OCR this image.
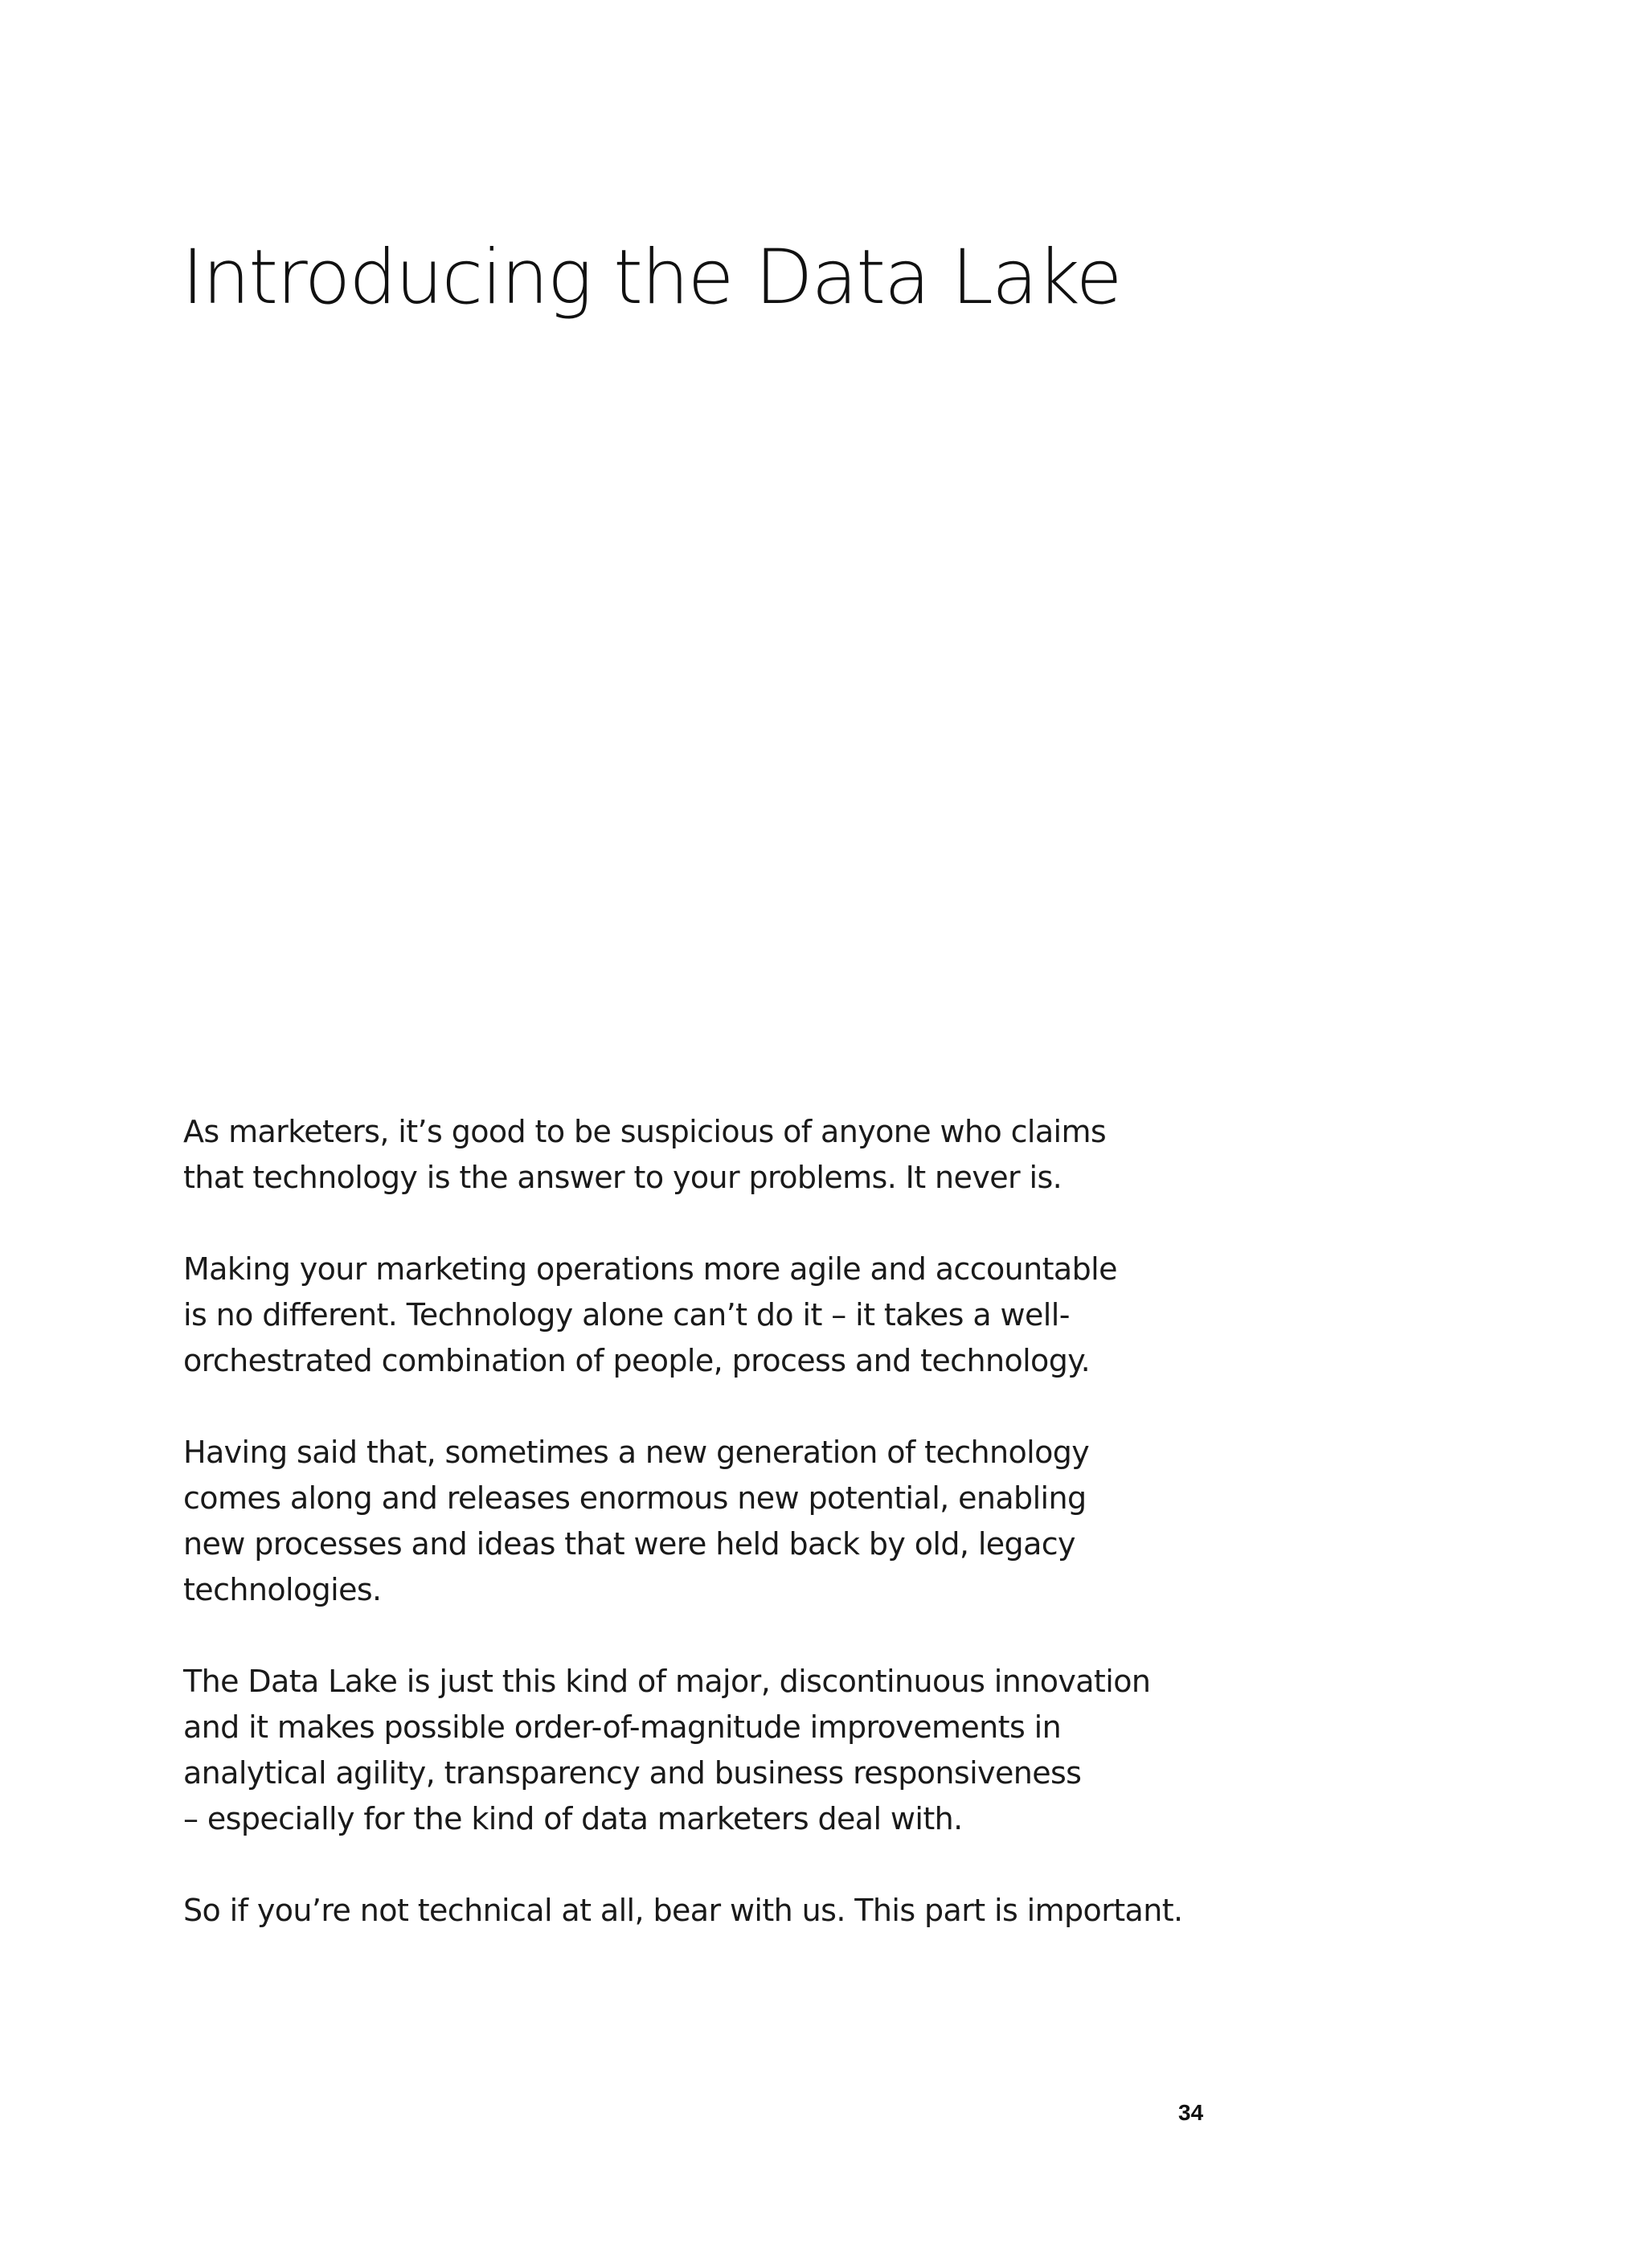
Introducing the Data Lake

As marketers, it’s good to be suspicious of anyone who claims
that technology is the answer to your problems. It never is.

Making your marketing operations more agile and accountable
is no different. Technology alone can’t do it – it takes a well-
orchestrated combination of people, process and technology.

Having said that, sometimes a new generation of technology
comes along and releases enormous new potential, enabling
new processes and ideas that were held back by old, legacy
technologies.

The Data Lake is just this kind of major, discontinuous innovation
and it makes possible order-of-magnitude improvements in
analytical agility, transparency and business responsiveness
– especially for the kind of data marketers deal with.

So if you’re not technical at all, bear with us. This part is important.

34
